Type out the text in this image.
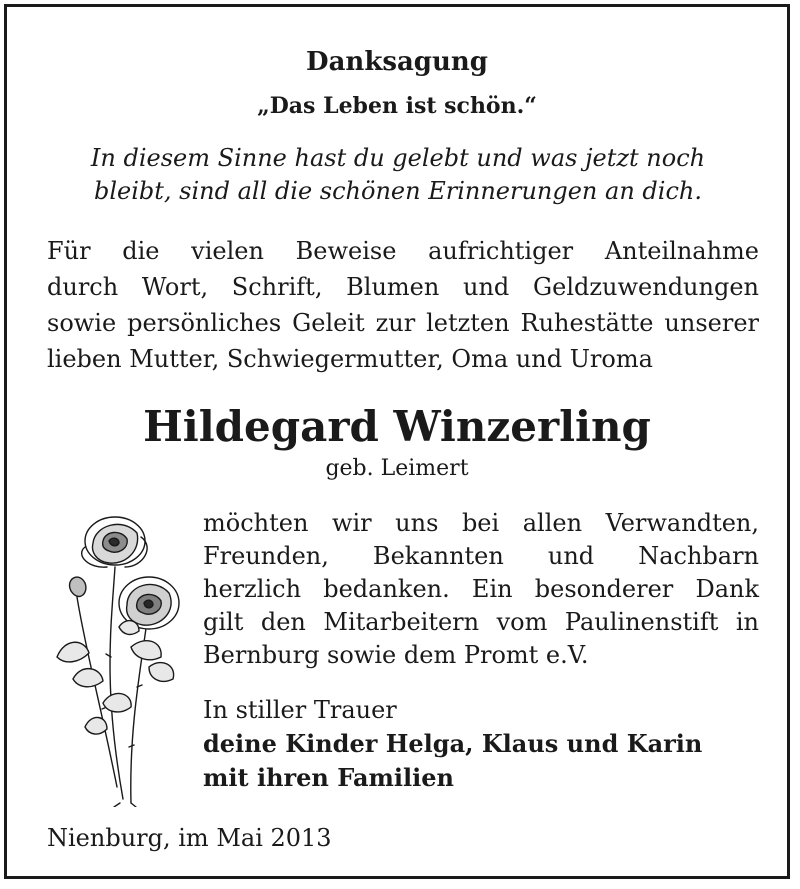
Danksagung
„Das Leben ist schön.“
In diesem Sinne hast du gelebt und was jetzt noch
bleibt, sind all die schönen Erinnerungen an dich.
Für die vielen Beweise aufrichtiger Anteilnahme
durch Wort, Schrift, Blumen und Geldzuwendungen
sowie persönliches Geleit zur letzten Ruhestätte unserer
lieben Mutter, Schwiegermutter, Oma und Uroma
Hildegard Winzerling
geb. Leimert
möchten wir uns bei allen Verwandten,
Freunden, Bekannten und Nachbarn
herzlich bedanken. Ein besonderer Dank
gilt den Mitarbeitern vom Paulinenstift in
Bernburg sowie dem Promt e.V.
In stiller Trauer
deine Kinder Helga, Klaus und Karin
mit ihren Familien
Nienburg, im Mai 2013
